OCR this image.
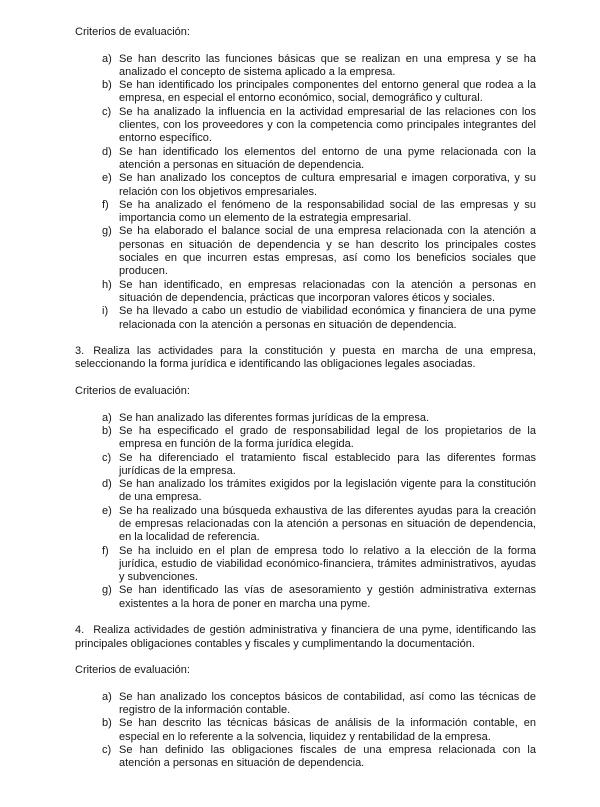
Criterios de evaluación:
a) Se han descrito las funciones básicas que se realizan en una empresa y se ha analizado el concepto de sistema aplicado a la empresa.
b) Se han identificado los principales componentes del entorno general que rodea a la empresa, en especial el entorno económico, social, demográfico y cultural.
c) Se ha analizado la influencia en la actividad empresarial de las relaciones con los clientes, con los proveedores y con la competencia como principales integrantes del entorno específico.
d) Se han identificado los elementos del entorno de una pyme relacionada con la atención a personas en situación de dependencia.
e) Se han analizado los conceptos de cultura empresarial e imagen corporativa, y su relación con los objetivos empresariales.
f) Se ha analizado el fenómeno de la responsabilidad social de las empresas y su importancia como un elemento de la estrategia empresarial.
g) Se ha elaborado el balance social de una empresa relacionada con la atención a personas en situación de dependencia y se han descrito los principales costes sociales en que incurren estas empresas, así como los beneficios sociales que producen.
h) Se han identificado, en empresas relacionadas con la atención a personas en situación de dependencia, prácticas que incorporan valores éticos y sociales.
i) Se ha llevado a cabo un estudio de viabilidad económica y financiera de una pyme relacionada con la atención a personas en situación de dependencia.

3. Realiza las actividades para la constitución y puesta en marcha de una empresa, seleccionando la forma jurídica e identificando las obligaciones legales asociadas.

Criterios de evaluación:
a) Se han analizado las diferentes formas jurídicas de la empresa.
b) Se ha especificado el grado de responsabilidad legal de los propietarios de la empresa en función de la forma jurídica elegida.
c) Se ha diferenciado el tratamiento fiscal establecido para las diferentes formas jurídicas de la empresa.
d) Se han analizado los trámites exigidos por la legislación vigente para la constitución de una empresa.
e) Se ha realizado una búsqueda exhaustiva de las diferentes ayudas para la creación de empresas relacionadas con la atención a personas en situación de dependencia, en la localidad de referencia.
f) Se ha incluido en el plan de empresa todo lo relativo a la elección de la forma jurídica, estudio de viabilidad económico-financiera, trámites administrativos, ayudas y subvenciones.
g) Se han identificado las vías de asesoramiento y gestión administrativa externas existentes a la hora de poner en marcha una pyme.

4. Realiza actividades de gestión administrativa y financiera de una pyme, identificando las principales obligaciones contables y fiscales y cumplimentando la documentación.

Criterios de evaluación:
a) Se han analizado los conceptos básicos de contabilidad, así como las técnicas de registro de la información contable.
b) Se han descrito las técnicas básicas de análisis de la información contable, en especial en lo referente a la solvencia, liquidez y rentabilidad de la empresa.
c) Se han definido las obligaciones fiscales de una empresa relacionada con la atención a personas en situación de dependencia.
